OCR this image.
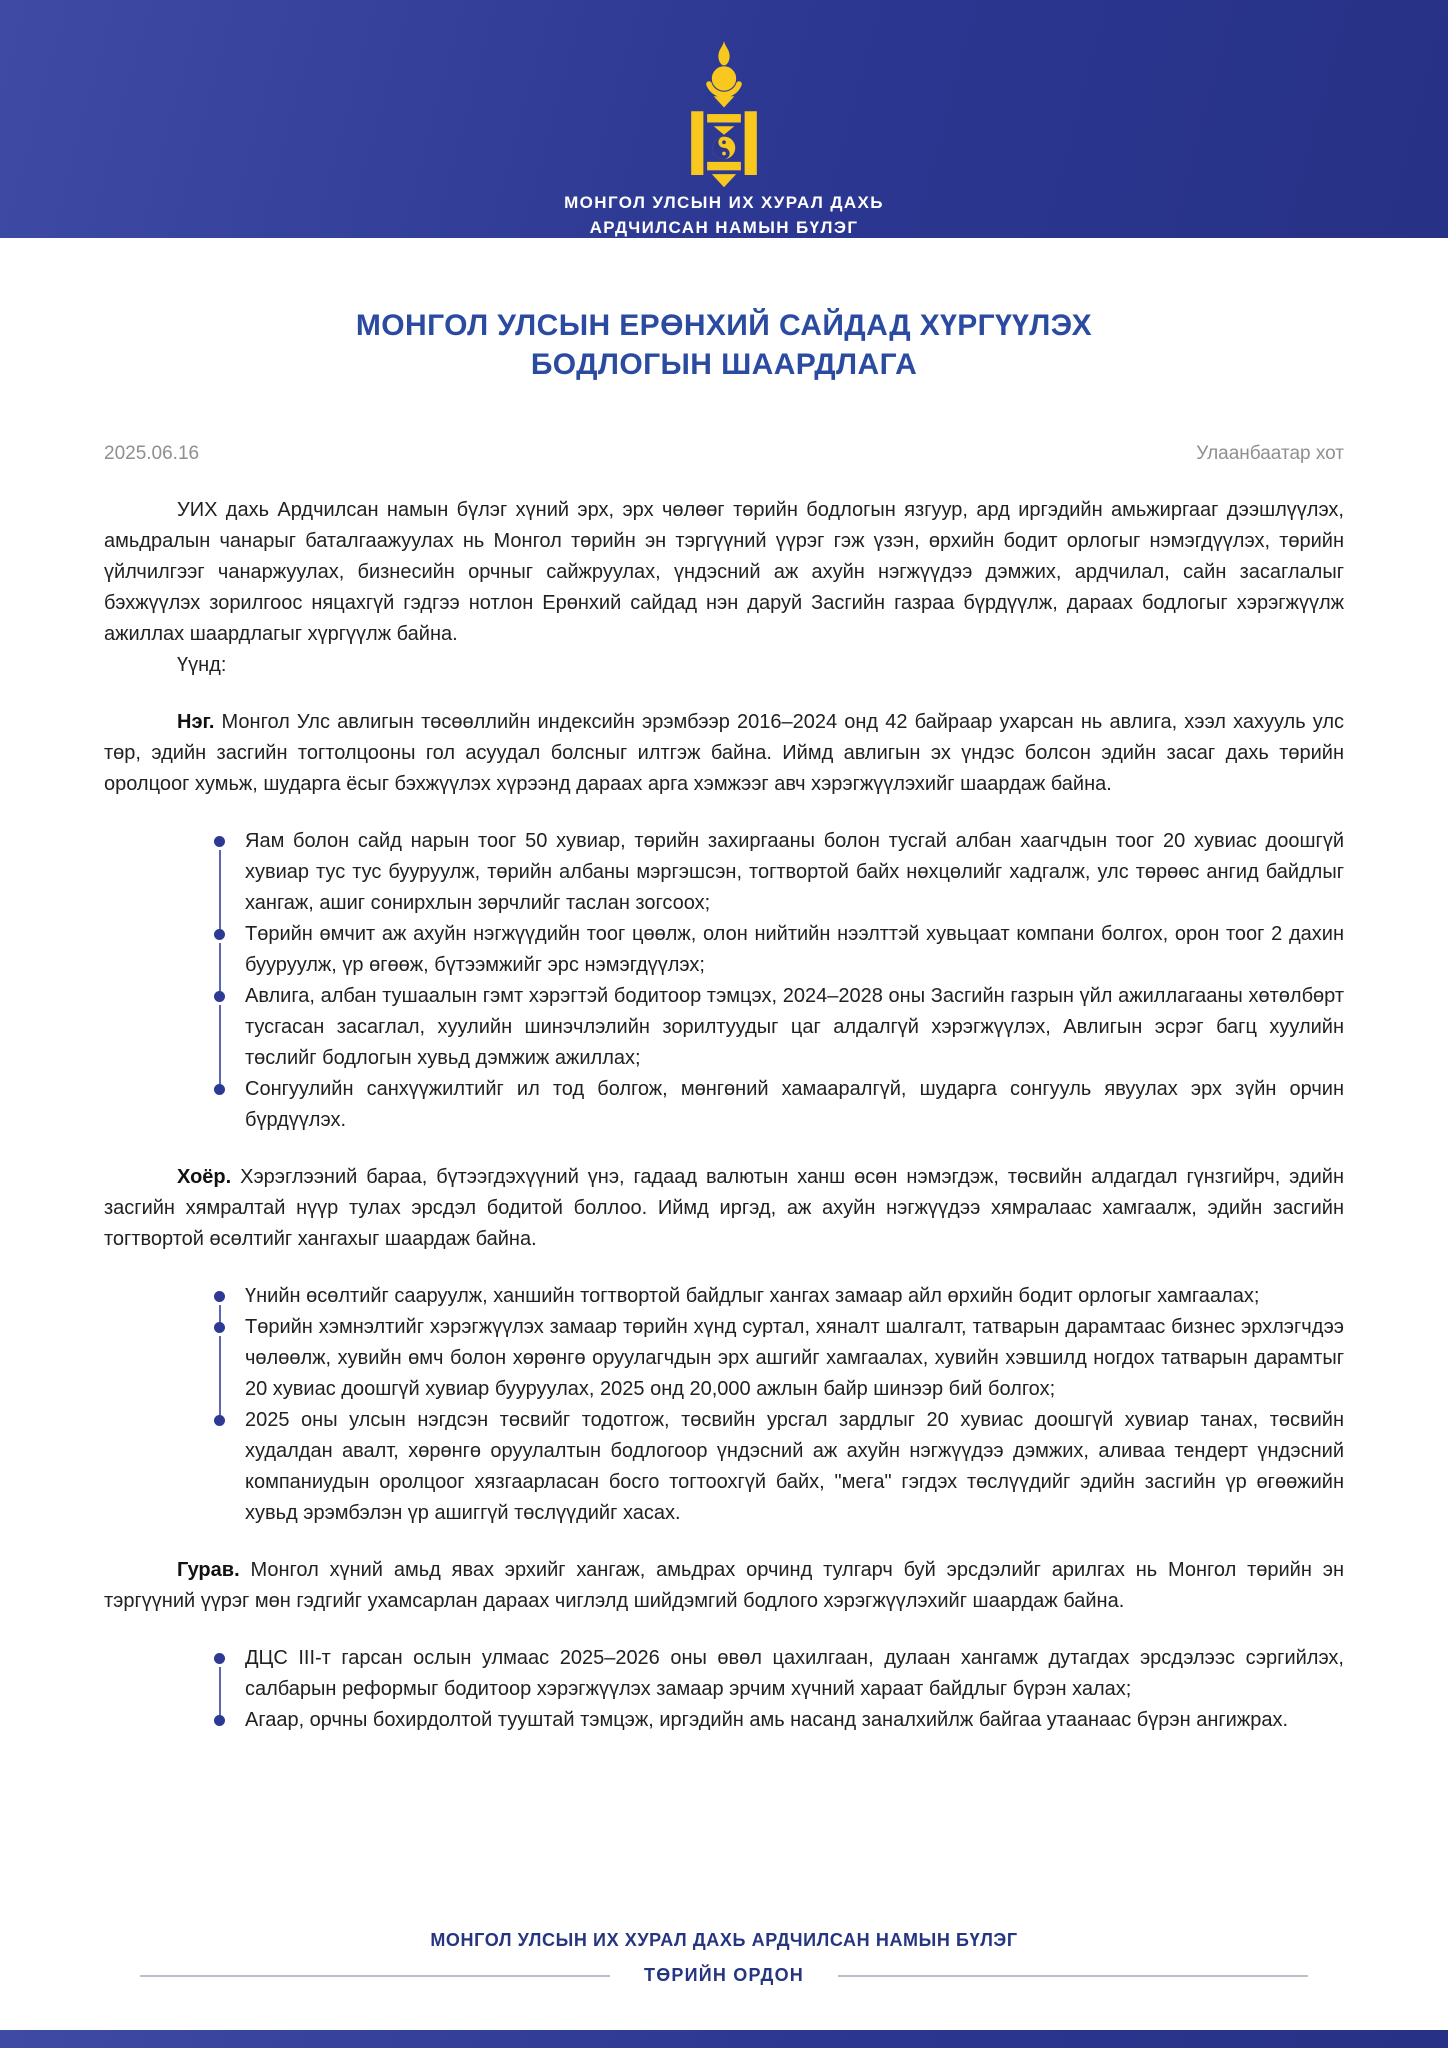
МОНГОЛ УЛСЫН ИХ ХУРАЛ ДАХЬ
АРДЧИЛСАН НАМЫН БҮЛЭГ
МОНГОЛ УЛСЫН ЕРӨНХИЙ САЙДАД ХҮРГҮҮЛЭХ
БОДЛОГЫН ШААРДЛАГА
2025.06.16	Улаанбаатар хот

УИХ дахь Ардчилсан намын бүлэг хүний эрх, эрх чөлөөг төрийн бодлогын язгуур, ард иргэдийн амьжиргааг дээшлүүлэх, амьдралын чанарыг баталгаажуулах нь Монгол төрийн эн тэргүүний үүрэг гэж үзэн, өрхийн бодит орлогыг нэмэгдүүлэх, төрийн үйлчилгээг чанаржуулах, бизнесийн орчныг сайжруулах, үндэсний аж ахуйн нэгжүүдээ дэмжих, ардчилал, сайн засаглалыг бэхжүүлэх зорилгоос няцахгүй гэдгээ нотлон Ерөнхий сайдад нэн даруй Засгийн газраа бүрдүүлж, дараах бодлогыг хэрэгжүүлж ажиллах шаардлагыг хүргүүлж байна.

Үүнд:

Нэг. Монгол Улс авлигын төсөөллийн индексийн эрэмбээр 2016–2024 онд 42 байраар ухарсан нь авлига, хээл хахууль улс төр, эдийн засгийн тогтолцооны гол асуудал болсныг илтгэж байна. Иймд авлигын эх үндэс болсон эдийн засаг дахь төрийн оролцоог хумьж, шударга ёсыг бэхжүүлэх хүрээнд дараах арга хэмжээг авч хэрэгжүүлэхийг шаардаж байна.

Яам болон сайд нарын тоог 50 хувиар, төрийн захиргааны болон тусгай албан хаагчдын тоог 20 хувиас доошгүй хувиар тус тус бууруулж, төрийн албаны мэргэшсэн, тогтвортой байх нөхцөлийг хадгалж, улс төрөөс ангид байдлыг хангаж, ашиг сонирхлын зөрчлийг таслан зогсоох;
Төрийн өмчит аж ахуйн нэгжүүдийн тоог цөөлж, олон нийтийн нээлттэй хувьцаат компани болгох, орон тоог 2 дахин бууруулж, үр өгөөж, бүтээмжийг эрс нэмэгдүүлэх;
Авлига, албан тушаалын гэмт хэрэгтэй бодитоор тэмцэх, 2024–2028 оны Засгийн газрын үйл ажиллагааны хөтөлбөрт тусгасан засаглал, хуулийн шинэчлэлийн зорилтуудыг цаг алдалгүй хэрэгжүүлэх, Авлигын эсрэг багц хуулийн төслийг бодлогын хувьд дэмжиж ажиллах;
Сонгуулийн санхүүжилтийг ил тод болгож, мөнгөний хамааралгүй, шударга сонгууль явуулах эрх зүйн орчин бүрдүүлэх.

Хоёр. Хэрэглээний бараа, бүтээгдэхүүний үнэ, гадаад валютын ханш өсөн нэмэгдэж, төсвийн алдагдал гүнзгийрч, эдийн засгийн хямралтай нүүр тулах эрсдэл бодитой боллоо. Иймд иргэд, аж ахуйн нэгжүүдээ хямралаас хамгаалж, эдийн засгийн тогтвортой өсөлтийг хангахыг шаардаж байна.

Үнийн өсөлтийг сааруулж, ханшийн тогтвортой байдлыг хангах замаар айл өрхийн бодит орлогыг хамгаалах;
Төрийн хэмнэлтийг хэрэгжүүлэх замаар төрийн хүнд суртал, хяналт шалгалт, татварын дарамтаас бизнес эрхлэгчдээ чөлөөлж, хувийн өмч болон хөрөнгө оруулагчдын эрх ашгийг хамгаалах, хувийн хэвшилд ногдох татварын дарамтыг 20 хувиас доошгүй хувиар бууруулах, 2025 онд 20,000 ажлын байр шинээр бий болгох;
2025 оны улсын нэгдсэн төсвийг тодотгож, төсвийн урсгал зардлыг 20 хувиас доошгүй хувиар танах, төсвийн худалдан авалт, хөрөнгө оруулалтын бодлогоор үндэсний аж ахуйн нэгжүүдээ дэмжих, аливаа тендерт үндэсний компаниудын оролцоог хязгаарласан босго тогтоохгүй байх, "мега" гэгдэх төслүүдийг эдийн засгийн үр өгөөжийн хувьд эрэмбэлэн үр ашиггүй төслүүдийг хасах.

Гурав. Монгол хүний амьд явах эрхийг хангаж, амьдрах орчинд тулгарч буй эрсдэлийг арилгах нь Монгол төрийн эн тэргүүний үүрэг мөн гэдгийг ухамсарлан дараах чиглэлд шийдэмгий бодлого хэрэгжүүлэхийг шаардаж байна.

ДЦС III-т гарсан ослын улмаас 2025–2026 оны өвөл цахилгаан, дулаан хангамж дутагдах эрсдэлээс сэргийлэх, салбарын реформыг бодитоор хэрэгжүүлэх замаар эрчим хүчний хараат байдлыг бүрэн халах;
Агаар, орчны бохирдолтой тууштай тэмцэж, иргэдийн амь насанд заналхийлж байгаа утаанаас бүрэн ангижрах.
МОНГОЛ УЛСЫН ИХ ХУРАЛ ДАХЬ АРДЧИЛСАН НАМЫН БҮЛЭГ
ТӨРИЙН ОРДОН
